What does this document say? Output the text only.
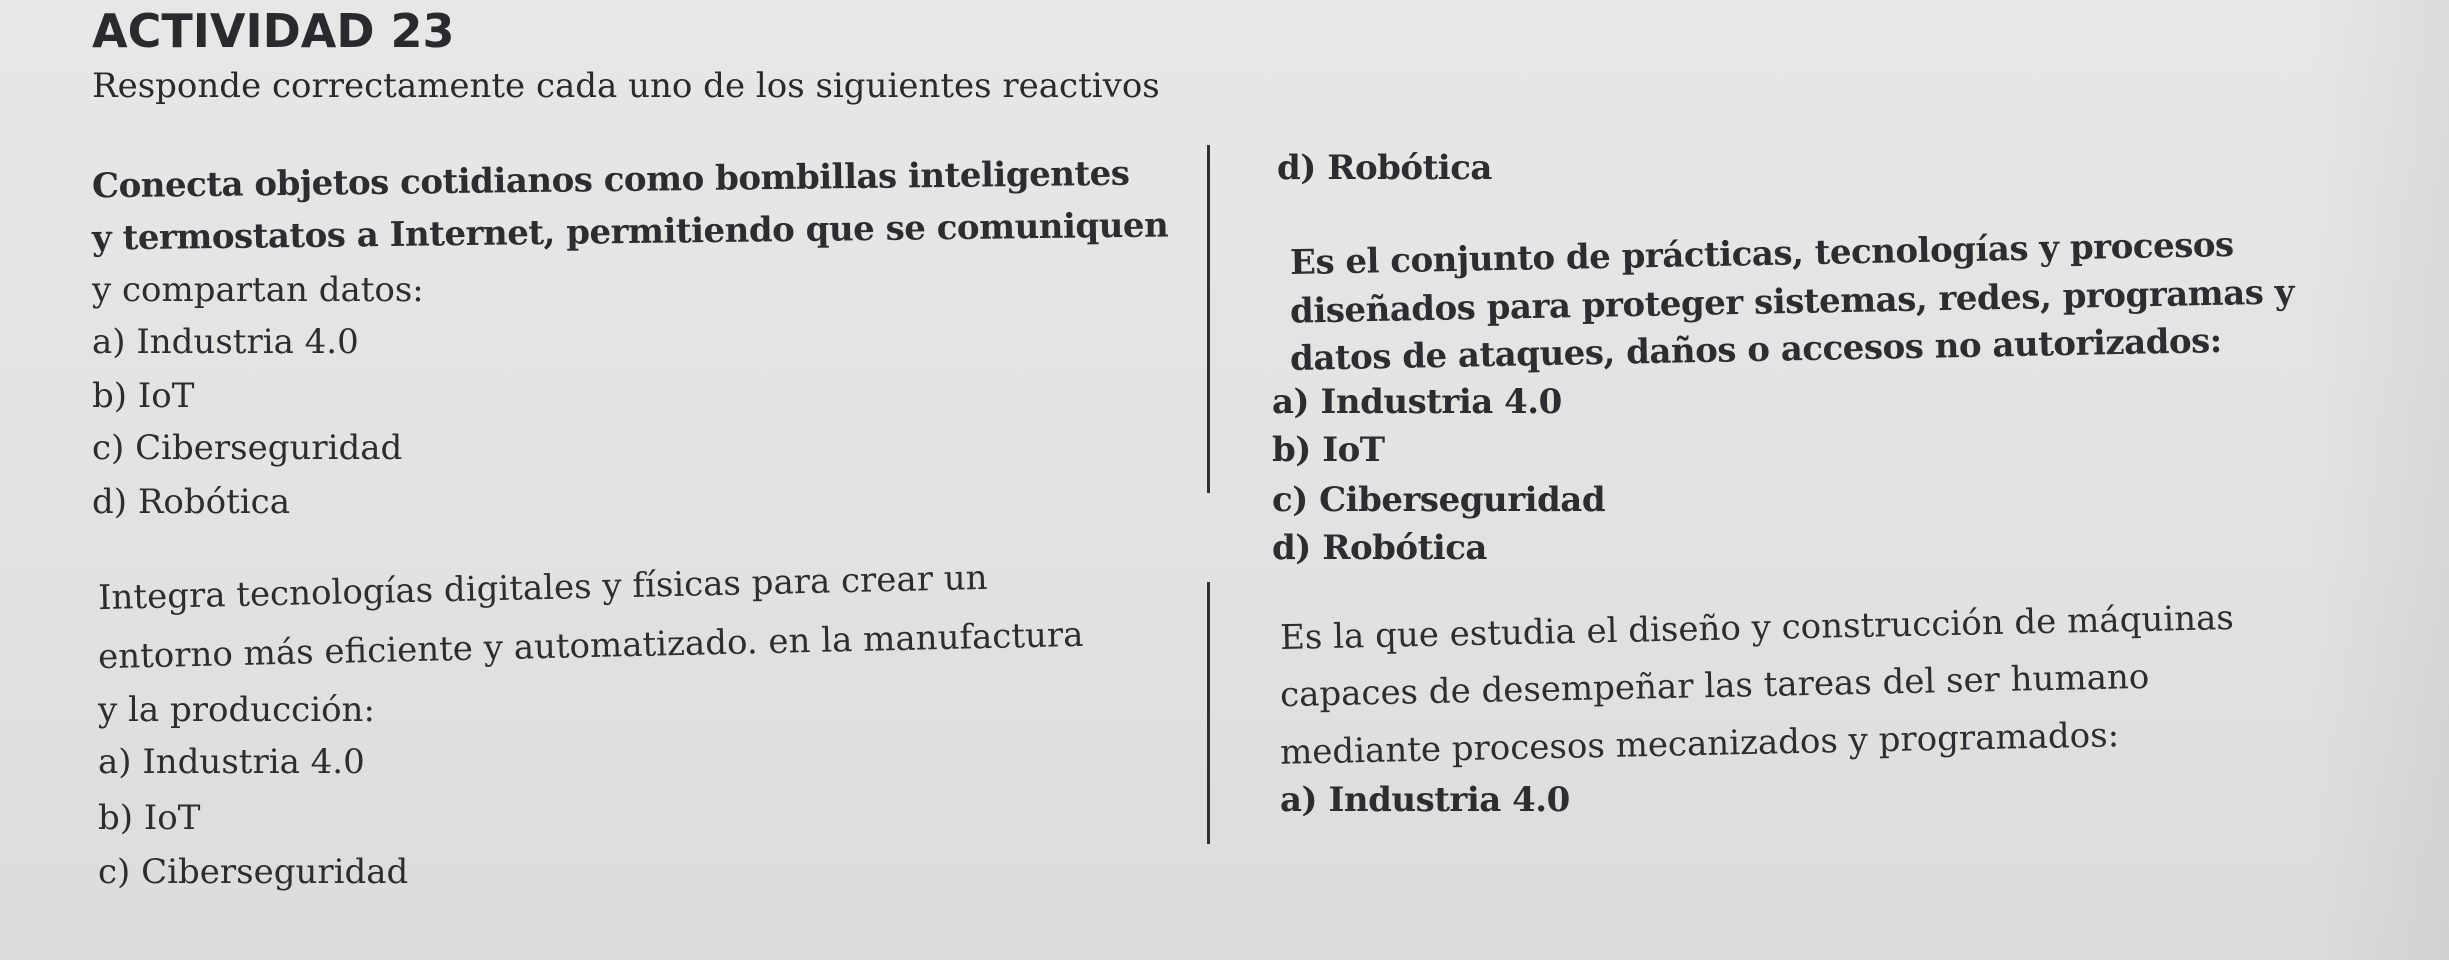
ACTIVIDAD 23
Responde correctamente cada uno de los siguientes reactivos
Conecta objetos cotidianos como bombillas inteligentes
y termostatos a Internet, permitiendo que se comuniquen
y compartan datos:
a) Industria 4.0
b) IoT
c) Ciberseguridad
d) Robótica
Integra tecnologías digitales y físicas para crear un
entorno más eficiente y automatizado. en la manufactura
y la producción:
a) Industria 4.0
b) IoT
c) Ciberseguridad
d) Robótica
Es el conjunto de prácticas, tecnologías y procesos
diseñados para proteger sistemas, redes, programas y
datos de ataques, daños o accesos no autorizados:
a) Industria 4.0
b) IoT
c) Ciberseguridad
d) Robótica
Es la que estudia el diseño y construcción de máquinas
capaces de desempeñar las tareas del ser humano
mediante procesos mecanizados y programados:
a) Industria 4.0
